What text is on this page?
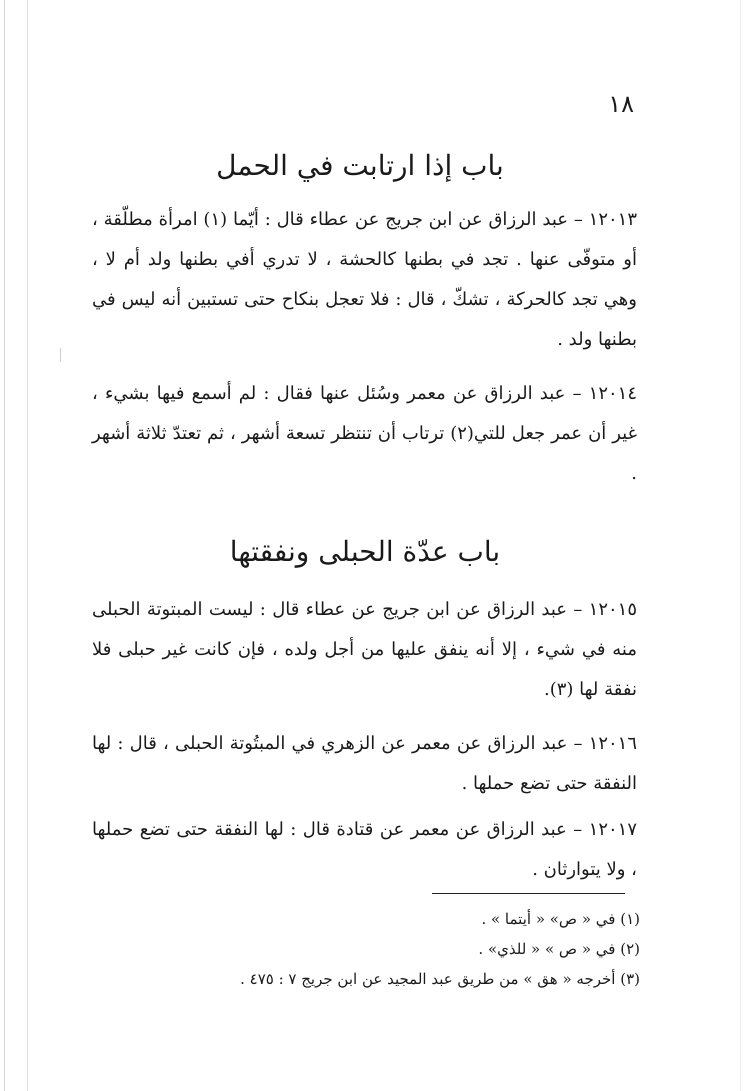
١٨
باب إذا ارتابت في الحمل
١٢٠١٣ – عبد الرزاق عن ابن جريج عن عطاء قال : أيّما (١) امرأة مطلّقة ، أو متوفّى عنها . تجد في بطنها كالحشة ، لا تدري أفي بطنها ولد أم لا ، وهي تجد كالحركة ، تشكّ ، قال : فلا تعجل بنكاح حتى تستبين أنه ليس في بطنها ولد .
١٢٠١٤ – عبد الرزاق عن معمر وسُئل عنها فقال : لم أسمع فيها بشيء ، غير أن عمر جعل للتي(٢) ترتاب أن تنتظر تسعة أشهر ، ثم تعتدّ ثلاثة أشهر .
باب عدّة الحبلى ونفقتها
١٢٠١٥ – عبد الرزاق عن ابن جريج عن عطاء قال : ليست المبتوتة الحبلى منه في شيء ، إلا أنه ينفق عليها من أجل ولده ، فإن كانت غير حبلى فلا نفقة لها (٣).
١٢٠١٦ – عبد الرزاق عن معمر عن الزهري في المبتُوتة الحبلى ، قال : لها النفقة حتى تضع حملها .
١٢٠١٧ – عبد الرزاق عن معمر عن قتادة قال : لها النفقة حتى تضع حملها ، ولا يتوارثان .
(١) في « ص» « أيتما » .
(٢) في « ص » « للذي» .
(٣) أخرجه « هق » من طريق عبد المجيد عن ابن جريج ٧ : ٤٧٥ .
